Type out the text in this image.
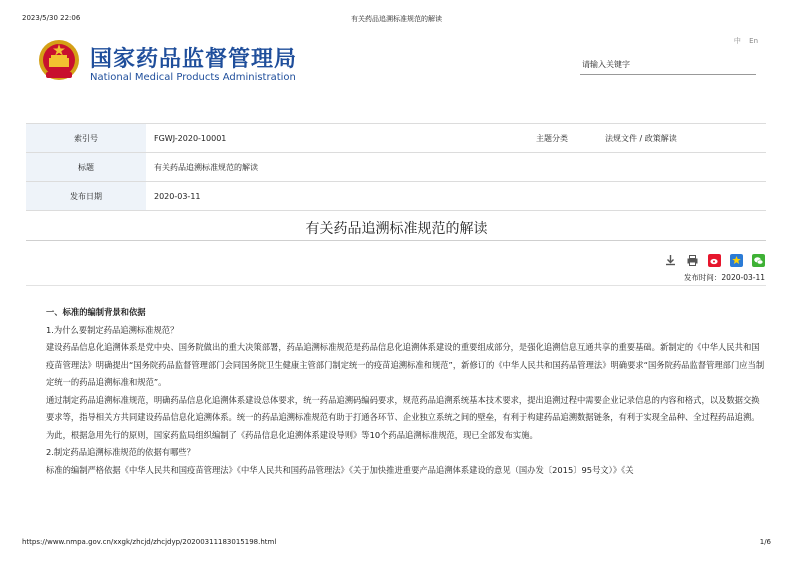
2023/5/30 22:06	有关药品追溯标准规范的解读
国家药品监督管理局
National Medical Products Administration
中 En
请输入关键字
索引号	FGWJ-2020-10001	主题分类	法规文件 / 政策解读
标题	有关药品追溯标准规范的解读		
发布日期	2020-03-11		
有关药品追溯标准规范的解读

发布时间：2020-03-11

一、标准的编制背景和依据

1.为什么要制定药品追溯标准规范？

建设药品信息化追溯体系是党中央、国务院做出的重大决策部署，药品追溯标准规范是药品信息化追溯体系建设的重要组成部分，是强化追溯信息互通共享的重要基础。新制定的《中华人民共和国疫苗管理法》明确提出“国务院药品监督管理部门会同国务院卫生健康主管部门制定统一的疫苗追溯标准和规范”，新修订的《中华人民共和国药品管理法》明确要求“国务院药品监督管理部门应当制定统一的药品追溯标准和规范”。

通过制定药品追溯标准规范，明确药品信息化追溯体系建设总体要求，统一药品追溯码编码要求，规范药品追溯系统基本技术要求，提出追溯过程中需要企业记录信息的内容和格式，以及数据交换要求等，指导相关方共同建设药品信息化追溯体系。统一的药品追溯标准规范有助于打通各环节、企业独立系统之间的壁垒，有利于构建药品追溯数据链条，有利于实现全品种、全过程药品追溯。

为此，根据急用先行的原则，国家药监局组织编制了《药品信息化追溯体系建设导则》等10个药品追溯标准规范，现已全部发布实施。

2.制定药品追溯标准规范的依据有哪些？

标准的编制严格依据《中华人民共和国疫苗管理法》《中华人民共和国药品管理法》《关于加快推进重要产品追溯体系建设的意见（国办发〔2015〕95号文）》《关

https://www.nmpa.gov.cn/xxgk/zhcjd/zhcjdyp/20200311183015198.html	1/6
